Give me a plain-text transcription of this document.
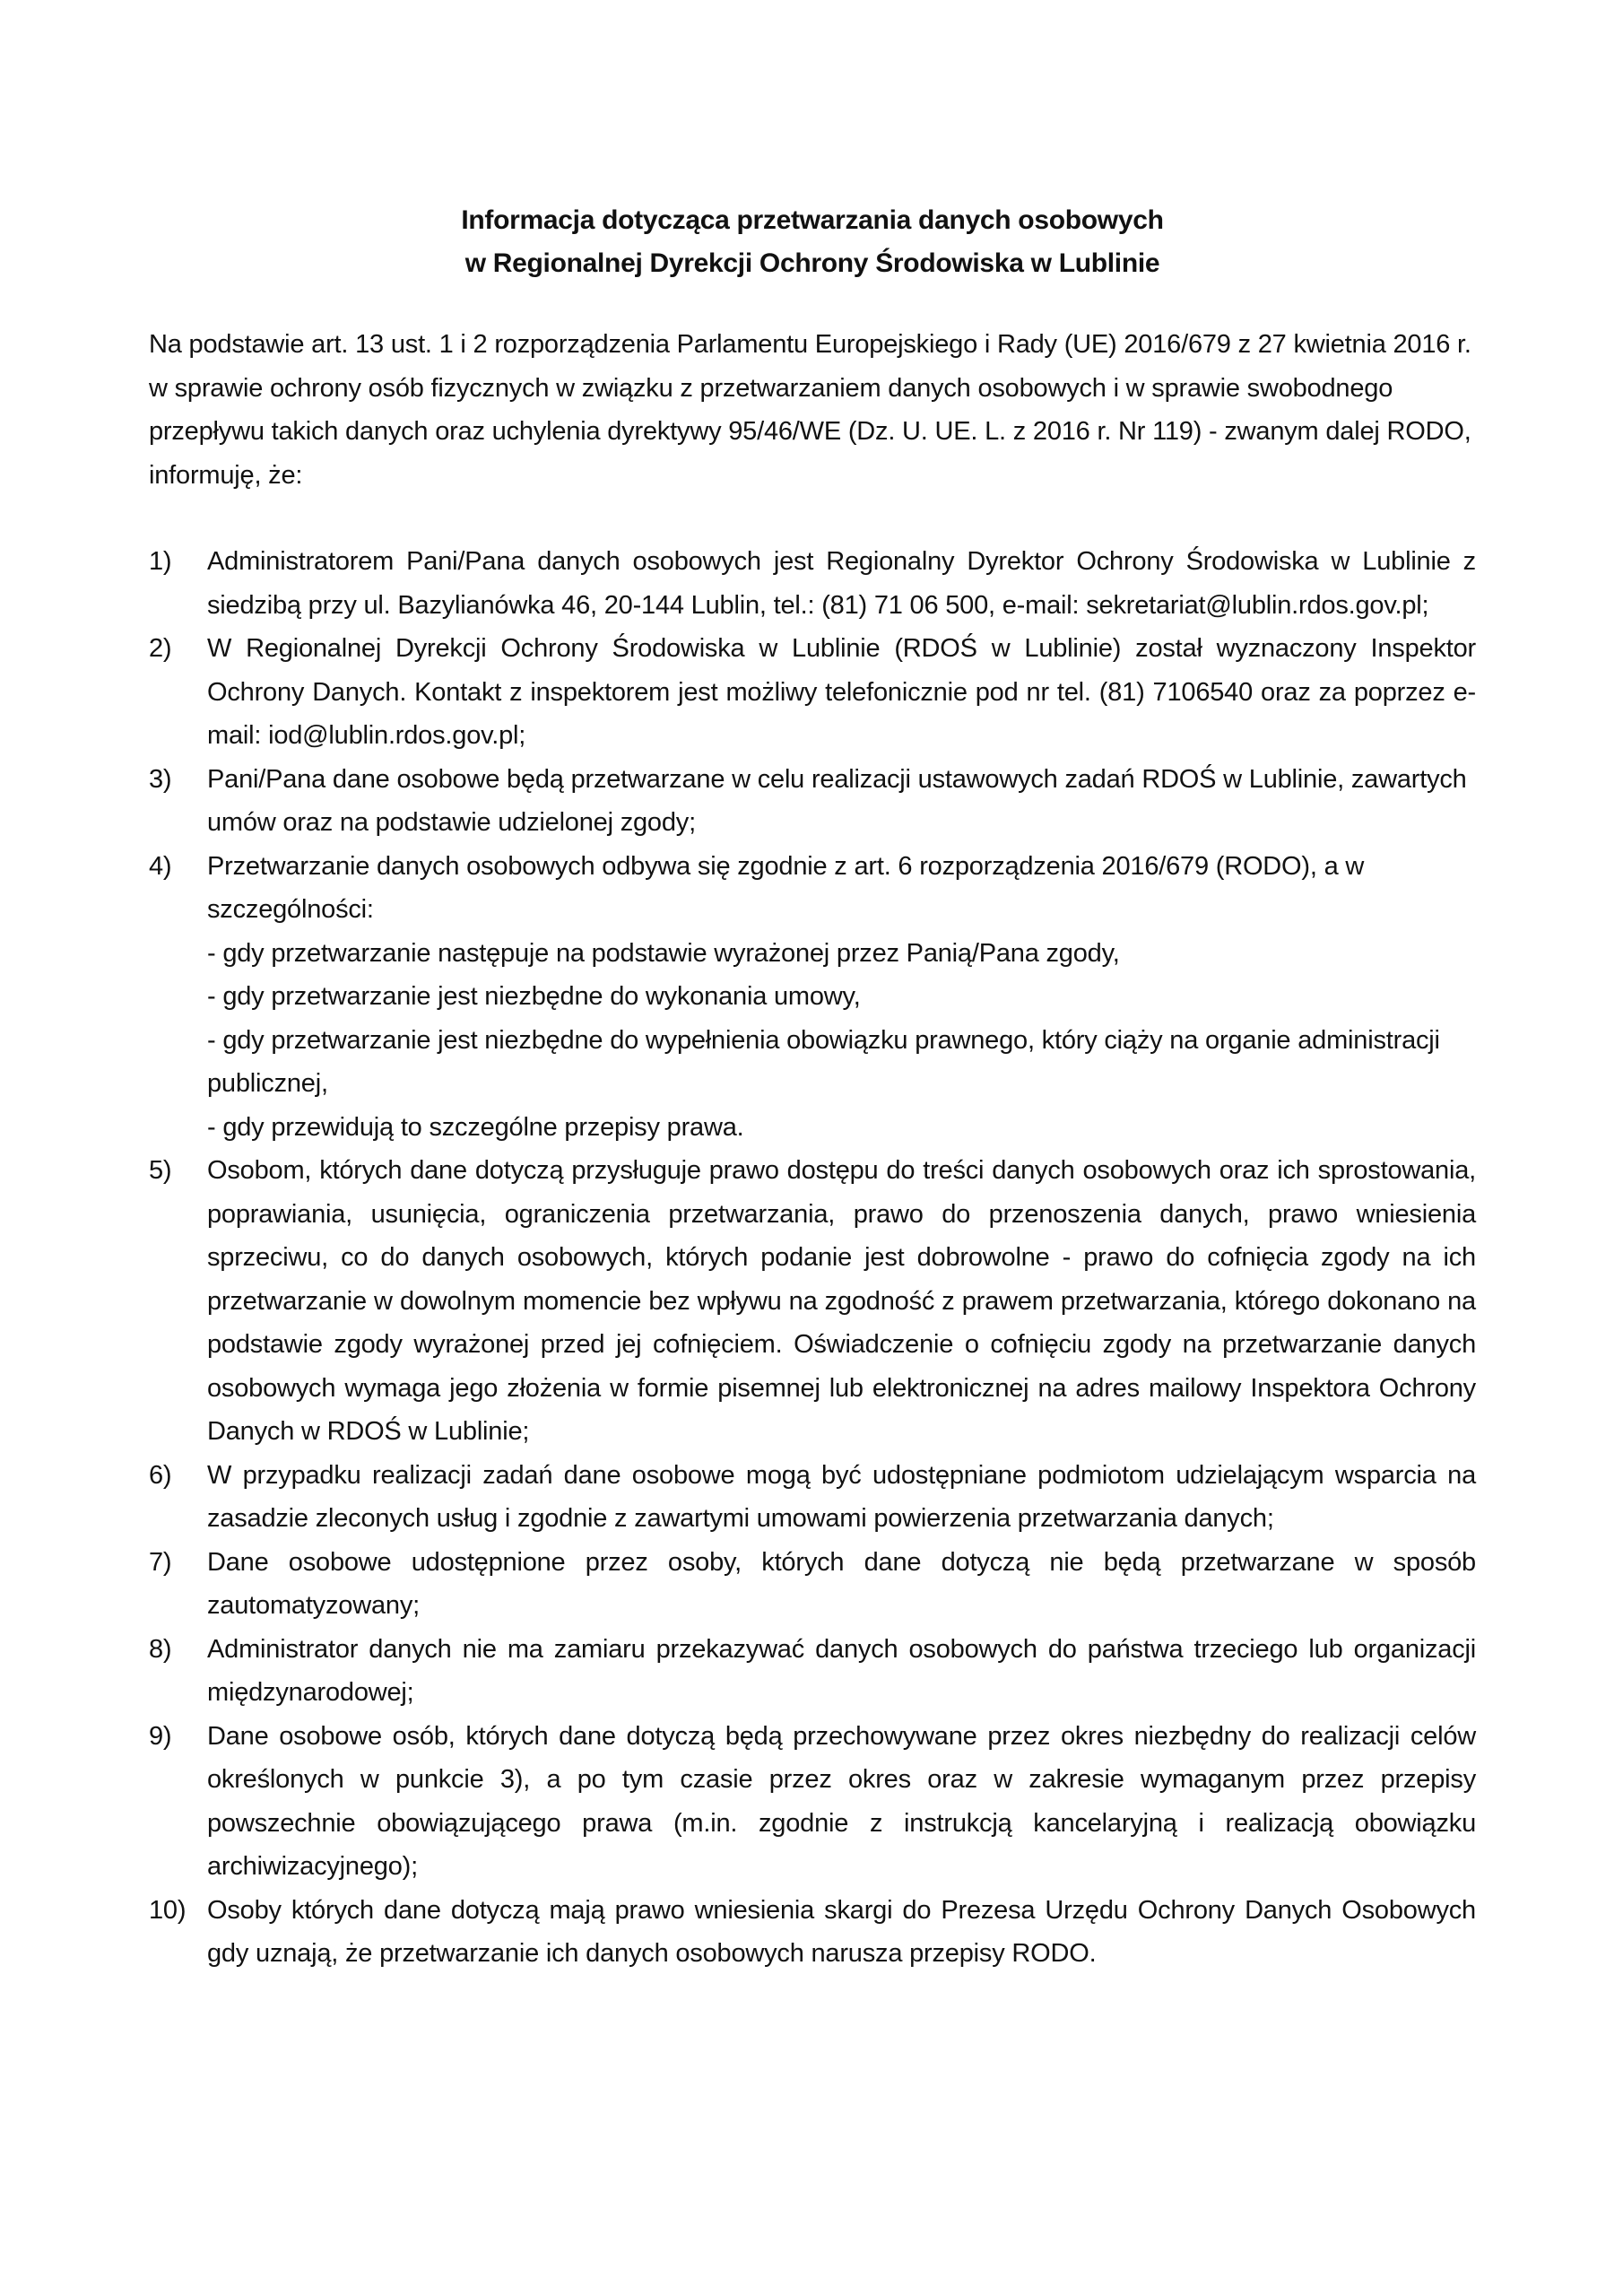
Informacja dotycząca przetwarzania danych osobowych
w Regionalnej Dyrekcji Ochrony Środowiska w Lublinie
Na podstawie art. 13 ust. 1 i 2 rozporządzenia Parlamentu Europejskiego i Rady (UE) 2016/679 z 27 kwietnia 2016 r. w sprawie ochrony osób fizycznych w związku z przetwarzaniem danych osobowych i w sprawie swobodnego przepływu takich danych oraz uchylenia dyrektywy 95/46/WE (Dz. U. UE. L. z 2016 r. Nr 119) - zwanym dalej RODO, informuję, że:
1)	Administratorem Pani/Pana danych osobowych jest Regionalny Dyrektor Ochrony Środowiska w Lublinie z siedzibą przy ul. Bazylianówka 46, 20-144 Lublin, tel.: (81) 71 06 500, e-mail: sekretariat@lublin.rdos.gov.pl;
2)	W Regionalnej Dyrekcji Ochrony Środowiska w Lublinie (RDOŚ w Lublinie) został wyznaczony Inspektor Ochrony Danych. Kontakt z inspektorem jest możliwy telefonicznie pod nr tel. (81) 7106540 oraz za poprzez e-mail: iod@lublin.rdos.gov.pl;
3)	Pani/Pana dane osobowe będą przetwarzane w celu realizacji ustawowych zadań RDOŚ w Lublinie, zawartych umów oraz na podstawie udzielonej zgody;
4)	Przetwarzanie danych osobowych odbywa się zgodnie z art. 6 rozporządzenia 2016/679 (RODO), a w szczególności:
- gdy przetwarzanie następuje na podstawie wyrażonej przez Panią/Pana zgody,
- gdy przetwarzanie jest niezbędne do wykonania umowy,
- gdy przetwarzanie jest niezbędne do wypełnienia obowiązku prawnego, który ciąży na organie administracji publicznej,
- gdy przewidują to szczególne przepisy prawa.
5)	Osobom, których dane dotyczą przysługuje prawo dostępu do treści danych osobowych oraz ich sprostowania, poprawiania, usunięcia, ograniczenia przetwarzania, prawo do przenoszenia danych, prawo wniesienia sprzeciwu, co do danych osobowych, których podanie jest dobrowolne - prawo do cofnięcia zgody na ich przetwarzanie w dowolnym momencie bez wpływu na zgodność z prawem przetwarzania, którego dokonano na podstawie zgody wyrażonej przed jej cofnięciem. Oświadczenie o cofnięciu zgody na przetwarzanie danych osobowych wymaga jego złożenia w formie pisemnej lub elektronicznej na adres mailowy Inspektora Ochrony Danych w RDOŚ w Lublinie;
6)	W przypadku realizacji zadań dane osobowe mogą być udostępniane podmiotom udzielającym wsparcia na zasadzie zleconych usług i zgodnie z zawartymi umowami powierzenia przetwarzania danych;
7)	Dane osobowe udostępnione przez osoby, których dane dotyczą nie będą przetwarzane w sposób zautomatyzowany;
8)	Administrator danych nie ma zamiaru przekazywać danych osobowych do państwa trzeciego lub organizacji międzynarodowej;
9)	Dane osobowe osób, których dane dotyczą będą przechowywane przez okres niezbędny do realizacji celów określonych w punkcie 3), a po tym czasie przez okres oraz w zakresie wymaganym przez przepisy powszechnie obowiązującego prawa (m.in. zgodnie z instrukcją kancelaryjną i realizacją obowiązku archiwizacyjnego);
10) Osoby których dane dotyczą mają prawo wniesienia skargi do Prezesa Urzędu Ochrony Danych Osobowych gdy uznają, że przetwarzanie ich danych osobowych narusza przepisy RODO.
